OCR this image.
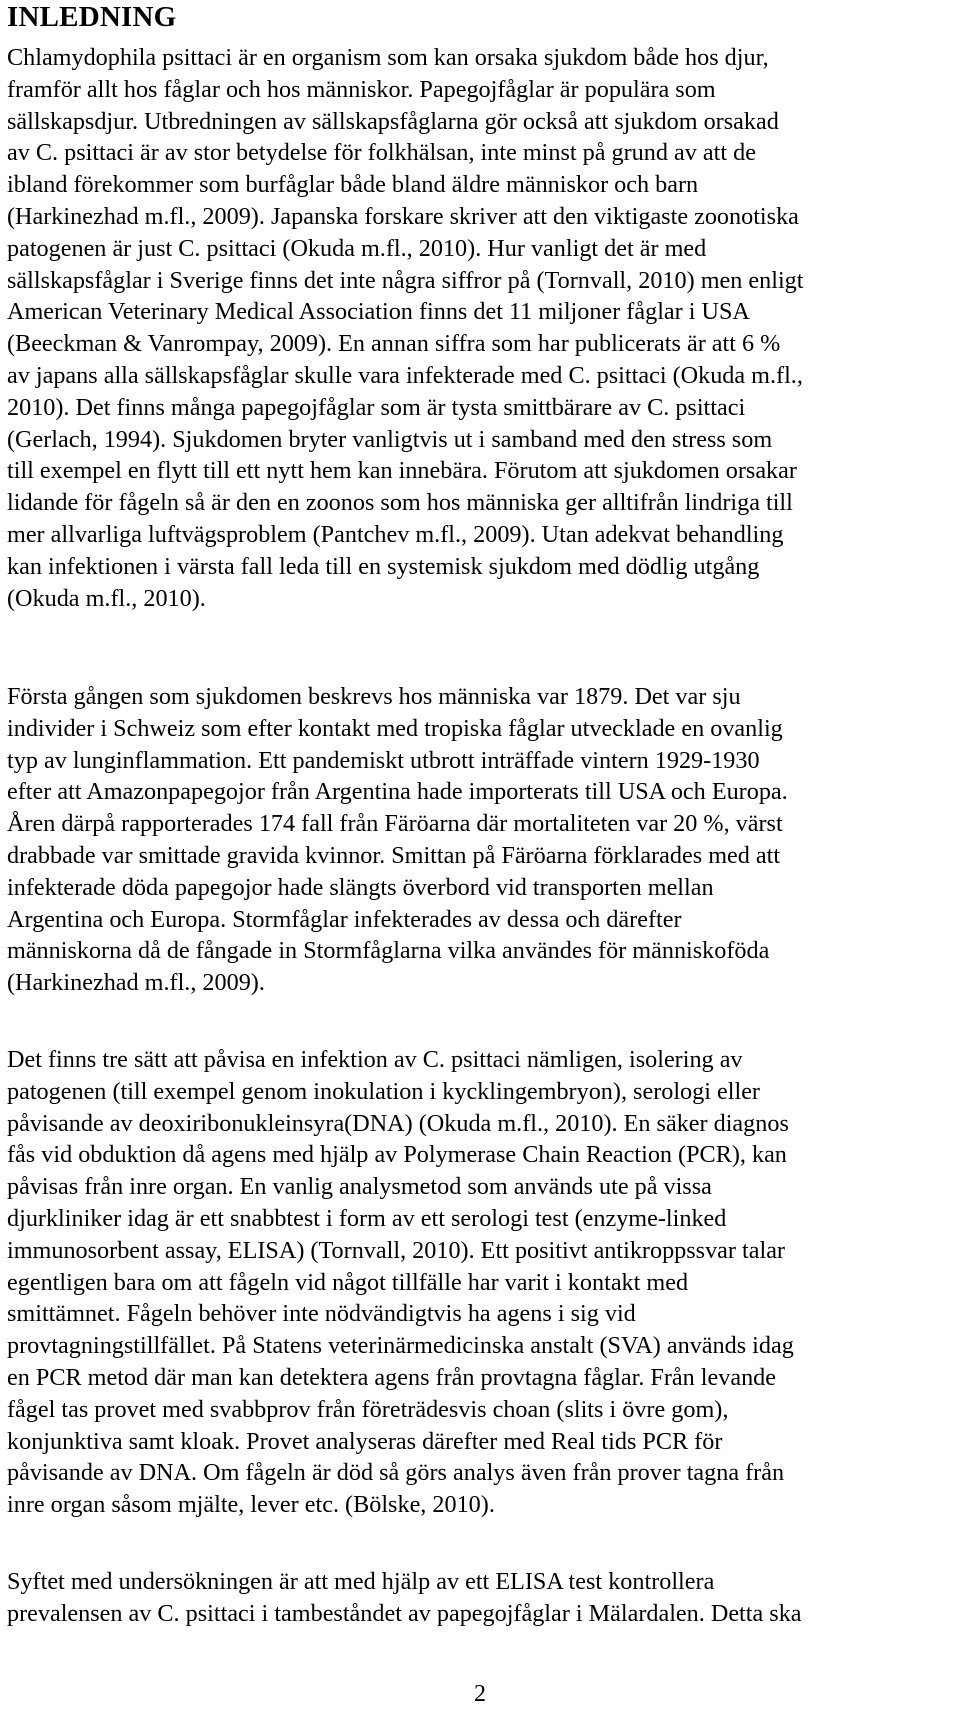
INLEDNING

Chlamydophila psittaci är en organism som kan orsaka sjukdom både hos djur,
framför allt hos fåglar och hos människor. Papegojfåglar är populära som
sällskapsdjur. Utbredningen av sällskapsfåglarna gör också att sjukdom orsakad
av C. psittaci är av stor betydelse för folkhälsan, inte minst på grund av att de
ibland förekommer som burfåglar både bland äldre människor och barn
(Harkinezhad m.fl., 2009). Japanska forskare skriver att den viktigaste zoonotiska
patogenen är just C. psittaci (Okuda m.fl., 2010). Hur vanligt det är med
sällskapsfåglar i Sverige finns det inte några siffror på (Tornvall, 2010) men enligt
American Veterinary Medical Association finns det 11 miljoner fåglar i USA
(Beeckman & Vanrompay, 2009). En annan siffra som har publicerats är att 6 %
av japans alla sällskapsfåglar skulle vara infekterade med C. psittaci (Okuda m.fl.,
2010). Det finns många papegojfåglar som är tysta smittbärare av C. psittaci
(Gerlach, 1994). Sjukdomen bryter vanligtvis ut i samband med den stress som
till exempel en flytt till ett nytt hem kan innebära. Förutom att sjukdomen orsakar
lidande för fågeln så är den en zoonos som hos människa ger alltifrån lindriga till
mer allvarliga luftvägsproblem (Pantchev m.fl., 2009). Utan adekvat behandling
kan infektionen i värsta fall leda till en systemisk sjukdom med dödlig utgång
(Okuda m.fl., 2010).

Första gången som sjukdomen beskrevs hos människa var 1879. Det var sju
individer i Schweiz som efter kontakt med tropiska fåglar utvecklade en ovanlig
typ av lunginflammation. Ett pandemiskt utbrott inträffade vintern 1929-1930
efter att Amazonpapegojor från Argentina hade importerats till USA och Europa.
Åren därpå rapporterades 174 fall från Färöarna där mortaliteten var 20 %, värst
drabbade var smittade gravida kvinnor. Smittan på Färöarna förklarades med att
infekterade döda papegojor hade slängts överbord vid transporten mellan
Argentina och Europa. Stormfåglar infekterades av dessa och därefter
människorna då de fångade in Stormfåglarna vilka användes för människoföda
(Harkinezhad m.fl., 2009).

Det finns tre sätt att påvisa en infektion av C. psittaci nämligen, isolering av
patogenen (till exempel genom inokulation i kycklingembryon), serologi eller
påvisande av deoxiribonukleinsyra(DNA) (Okuda m.fl., 2010). En säker diagnos
fås vid obduktion då agens med hjälp av Polymerase Chain Reaction (PCR), kan
påvisas från inre organ. En vanlig analysmetod som används ute på vissa
djurkliniker idag är ett snabbtest i form av ett serologi test (enzyme-linked
immunosorbent assay, ELISA) (Tornvall, 2010). Ett positivt antikroppssvar talar
egentligen bara om att fågeln vid något tillfälle har varit i kontakt med
smittämnet. Fågeln behöver inte nödvändigtvis ha agens i sig vid
provtagningstillfället. På Statens veterinärmedicinska anstalt (SVA) används idag
en PCR metod där man kan detektera agens från provtagna fåglar. Från levande
fågel tas provet med svabbprov från företrädesvis choan (slits i övre gom),
konjunktiva samt kloak. Provet analyseras därefter med Real tids PCR för
påvisande av DNA. Om fågeln är död så görs analys även från prover tagna från
inre organ såsom mjälte, lever etc. (Bölske, 2010).

Syftet med undersökningen är att med hjälp av ett ELISA test kontrollera
prevalensen av C. psittaci i tambeståndet av papegojfåglar i Mälardalen. Detta ska

2
